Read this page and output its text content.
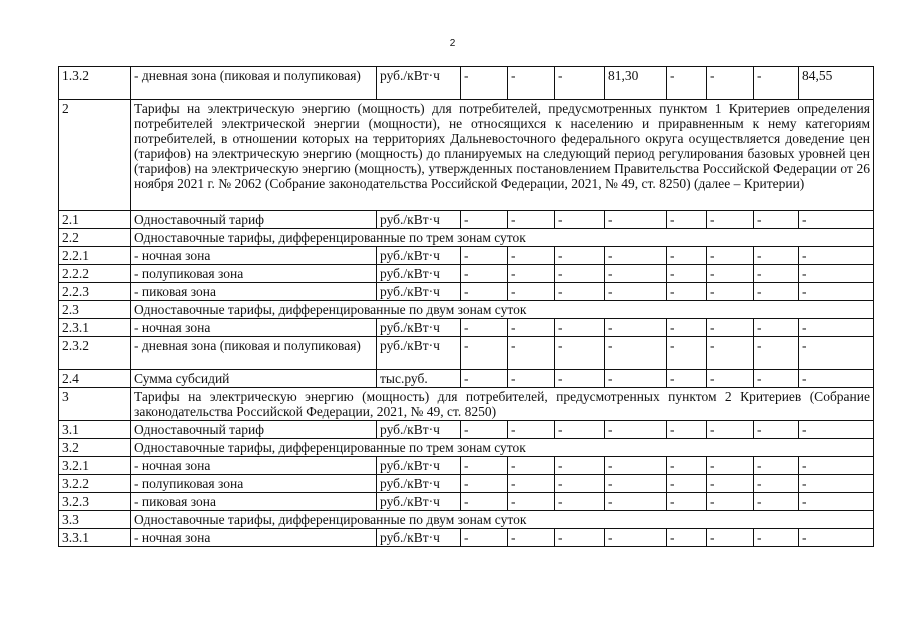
2
1.3.2	- дневная зона (пиковая и полупиковая)	руб./кВт·ч	-	-	-	81,30	-	-	-	84,55
2	Тарифы на электрическую энергию (мощность) для потребителей, предусмотренных пунктом 1 Критериев определения потребителей электрической энергии (мощности), не относящихся к населению и приравненным к нему категориям потребителей, в отношении которых на территориях Дальневосточного федерального округа осуществляется доведение цен (тарифов) на электрическую энергию (мощность) до планируемых на следующий период регулирования базовых уровней цен (тарифов) на электрическую энергию (мощность), утвержденных постановлением Правительства Российской Федерации от 26 ноября 2021 г. № 2062 (Собрание законодательства Российской Федерации, 2021, № 49, ст. 8250) (далее – Критерии)									
2.1	Одноставочный тариф	руб./кВт·ч	-	-	-	-	-	-	-	-
2.2	Одноставочные тарифы, дифференцированные по трем зонам суток									
2.2.1	- ночная зона	руб./кВт·ч	-	-	-	-	-	-	-	-
2.2.2	- полупиковая зона	руб./кВт·ч	-	-	-	-	-	-	-	-
2.2.3	- пиковая зона	руб./кВт·ч	-	-	-	-	-	-	-	-
2.3	Одноставочные тарифы, дифференцированные по двум зонам суток									
2.3.1	- ночная зона	руб./кВт·ч	-	-	-	-	-	-	-	-
2.3.2	- дневная зона (пиковая и полупиковая)	руб./кВт·ч	-	-	-	-	-	-	-	-
2.4	Сумма субсидий	тыс.руб.	-	-	-	-	-	-	-	-
3	Тарифы на электрическую энергию (мощность) для потребителей, предусмотренных пунктом 2 Критериев (Собрание законодательства Российской Федерации, 2021, № 49, ст. 8250)									
3.1	Одноставочный тариф	руб./кВт·ч	-	-	-	-	-	-	-	-
3.2	Одноставочные тарифы, дифференцированные по трем зонам суток									
3.2.1	- ночная зона	руб./кВт·ч	-	-	-	-	-	-	-	-
3.2.2	- полупиковая зона	руб./кВт·ч	-	-	-	-	-	-	-	-
3.2.3	- пиковая зона	руб./кВт·ч	-	-	-	-	-	-	-	-
3.3	Одноставочные тарифы, дифференцированные по двум зонам суток									
3.3.1	- ночная зона	руб./кВт·ч	-	-	-	-	-	-	-	-
